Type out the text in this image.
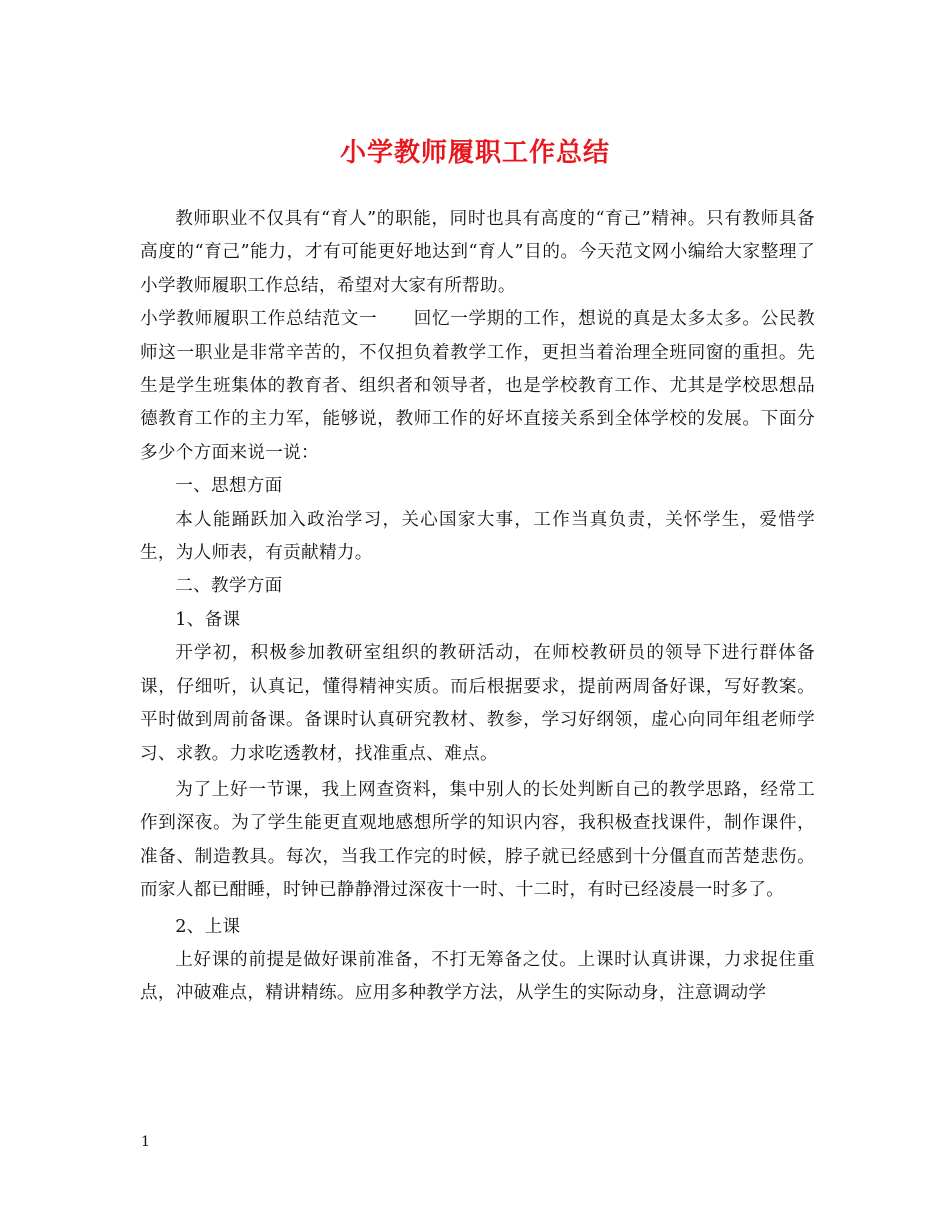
小学教师履职工作总结

教师职业不仅具有“育人”的职能，同时也具有高度的“育己”精神。只有教师具备高度的“育己”能力，才有可能更好地达到“育人”目的。今天范文网小编给大家整理了小学教师履职工作总结，希望对大家有所帮助。

小学教师履职工作总结范文一　　回忆一学期的工作，想说的真是太多太多。公民教师这一职业是非常辛苦的，不仅担负着教学工作，更担当着治理全班同窗的重担。先生是学生班集体的教育者、组织者和领导者，也是学校教育工作、尤其是学校思想品德教育工作的主力军，能够说，教师工作的好坏直接关系到全体学校的发展。下面分多少个方面来说一说：

一、思想方面

本人能踊跃加入政治学习，关心国家大事，工作当真负责，关怀学生，爱惜学生，为人师表，有贡献精力。

二、教学方面

1、备课

开学初，积极参加教研室组织的教研活动，在师校教研员的领导下进行群体备课，仔细听，认真记，懂得精神实质。而后根据要求，提前两周备好课，写好教案。平时做到周前备课。备课时认真研究教材、教参，学习好纲领，虚心向同年组老师学习、求教。力求吃透教材，找准重点、难点。

为了上好一节课，我上网查资料，集中别人的长处判断自己的教学思路，经常工作到深夜。为了学生能更直观地感想所学的知识内容，我积极查找课件，制作课件，准备、制造教具。每次，当我工作完的时候，脖子就已经感到十分僵直而苦楚悲伤。而家人都已酣睡，时钟已静静滑过深夜十一时、十二时，有时已经凌晨一时多了。

2、上课

上好课的前提是做好课前准备，不打无筹备之仗。上课时认真讲课，力求捉住重点，冲破难点，精讲精练。应用多种教学方法，从学生的实际动身，注意调动学

1
